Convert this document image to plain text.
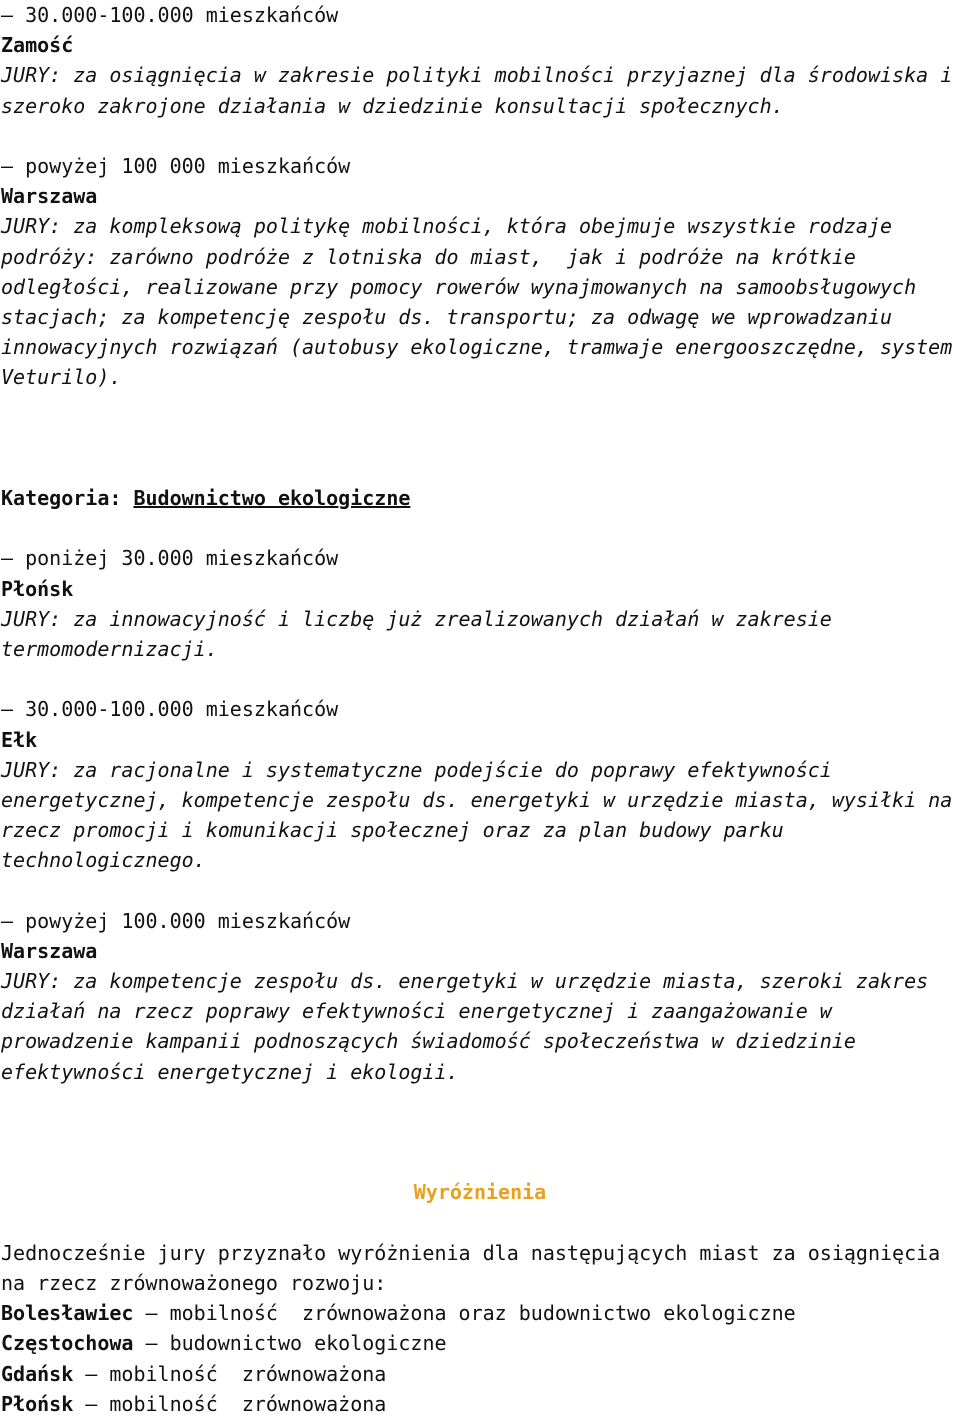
— 30.000-100.000 mieszkańców
Zamość
JURY: za osiągnięcia w zakresie polityki mobilności przyjaznej dla środowiska i
szeroko zakrojone działania w dziedzinie konsultacji społecznych.
— powyżej 100 000 mieszkańców
Warszawa
JURY: za kompleksową politykę mobilności, która obejmuje wszystkie rodzaje
podróży: zarówno podróże z lotniska do miast,  jak i podróże na krótkie
odległości, realizowane przy pomocy rowerów wynajmowanych na samoobsługowych
stacjach; za kompetencję zespołu ds. transportu; za odwagę we wprowadzaniu
innowacyjnych rozwiązań (autobusy ekologiczne, tramwaje energooszczędne, system
Veturilo).
Kategoria: Budownictwo ekologiczne
— poniżej 30.000 mieszkańców
Płońsk
JURY: za innowacyjność i liczbę już zrealizowanych działań w zakresie
termomodernizacji.
— 30.000-100.000 mieszkańców
Ełk
JURY: za racjonalne i systematyczne podejście do poprawy efektywności
energetycznej, kompetencje zespołu ds. energetyki w urzędzie miasta, wysiłki na
rzecz promocji i komunikacji społecznej oraz za plan budowy parku
technologicznego.
— powyżej 100.000 mieszkańców
Warszawa
JURY: za kompetencje zespołu ds. energetyki w urzędzie miasta, szeroki zakres
działań na rzecz poprawy efektywności energetycznej i zaangażowanie w
prowadzenie kampanii podnoszących świadomość społeczeństwa w dziedzinie
efektywności energetycznej i ekologii.
Wyróżnienia
Jednocześnie jury przyznało wyróżnienia dla następujących miast za osiągnięcia
na rzecz zrównoważonego rozwoju:
Bolesławiec — mobilność  zrównoważona oraz budownictwo ekologiczne
Częstochowa — budownictwo ekologiczne
Gdańsk — mobilność  zrównoważona
Płońsk — mobilność  zrównoważona
